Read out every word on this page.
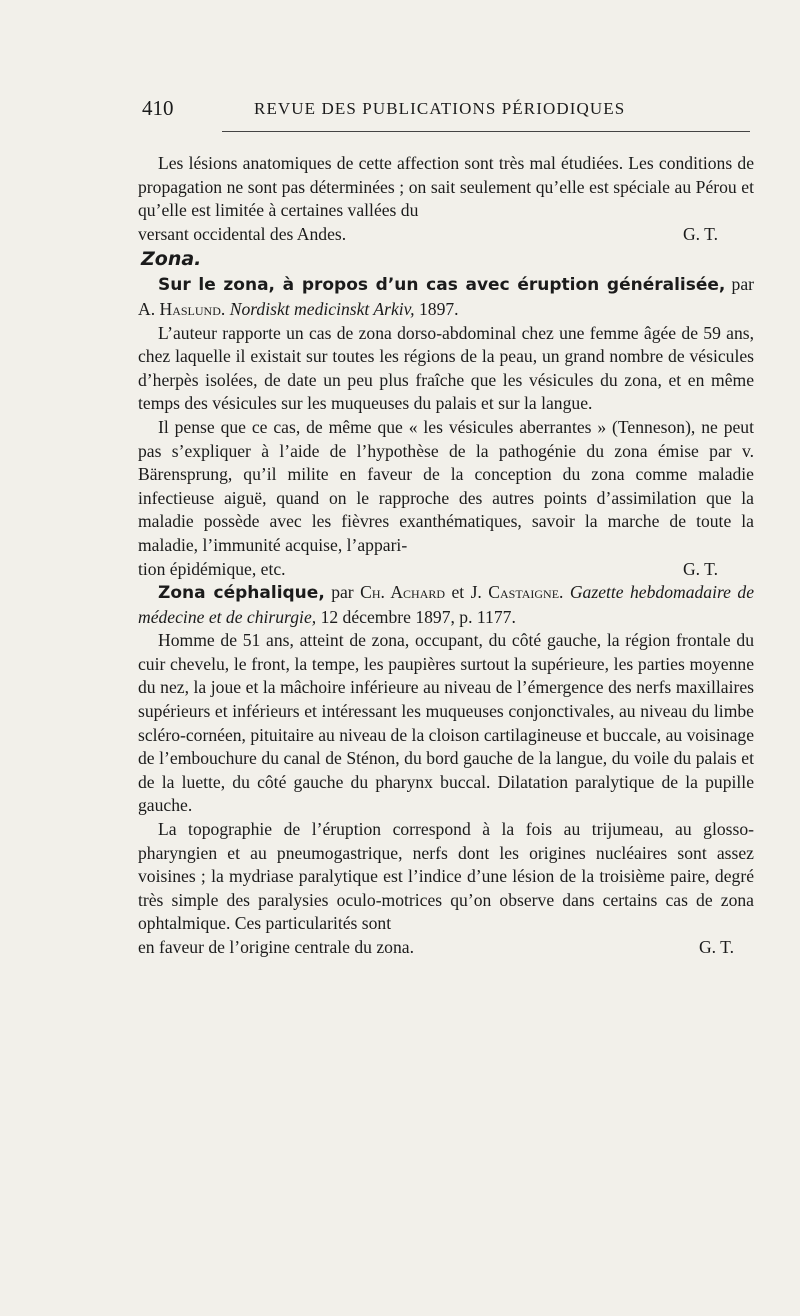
410	REVUE DES PUBLICATIONS PÉRIODIQUES

Les lésions anatomiques de cette affection sont très mal étudiées. Les conditions de propagation ne sont pas déterminées ; on sait seulement qu’elle est spéciale au Pérou et qu’elle est limitée à certaines vallées du

versant occidental des Andes.	G. T.
Zona.

Sur le zona, à propos d’un cas avec éruption généralisée, par A. Haslund. Nordiskt medicinskt Arkiv, 1897.

L’auteur rapporte un cas de zona dorso-abdominal chez une femme âgée de 59 ans, chez laquelle il existait sur toutes les régions de la peau, un grand nombre de vésicules d’herpès isolées, de date un peu plus fraîche que les vésicules du zona, et en même temps des vésicules sur les muqueuses du palais et sur la langue.

Il pense que ce cas, de même que « les vésicules aberrantes » (Tenneson), ne peut pas s’expliquer à l’aide de l’hypothèse de la pathogénie du zona émise par v. Bärensprung, qu’il milite en faveur de la conception du zona comme maladie infectieuse aiguë, quand on le rapproche des autres points d’assimilation que la maladie possède avec les fièvres exanthématiques, savoir la marche de toute la maladie, l’immunité acquise, l’appari-

tion épidémique, etc.	G. T.

Zona céphalique, par Ch. Achard et J. Castaigne. Gazette hebdomadaire de médecine et de chirurgie, 12 décembre 1897, p. 1177.

Homme de 51 ans, atteint de zona, occupant, du côté gauche, la région frontale du cuir chevelu, le front, la tempe, les paupières surtout la supérieure, les parties moyenne du nez, la joue et la mâchoire inférieure au niveau de l’émergence des nerfs maxillaires supérieurs et inférieurs et intéressant les muqueuses conjonctivales, au niveau du limbe scléro-cornéen, pituitaire au niveau de la cloison cartilagineuse et buccale, au voisinage de l’embouchure du canal de Sténon, du bord gauche de la langue, du voile du palais et de la luette, du côté gauche du pharynx buccal. Dilatation paralytique de la pupille gauche.

La topographie de l’éruption correspond à la fois au trijumeau, au glosso-pharyngien et au pneumogastrique, nerfs dont les origines nucléaires sont assez voisines ; la mydriase paralytique est l’indice d’une lésion de la troisième paire, degré très simple des paralysies oculo-motrices qu’on observe dans certains cas de zona ophtalmique. Ces particularités sont

en faveur de l’origine centrale du zona.	G. T.
